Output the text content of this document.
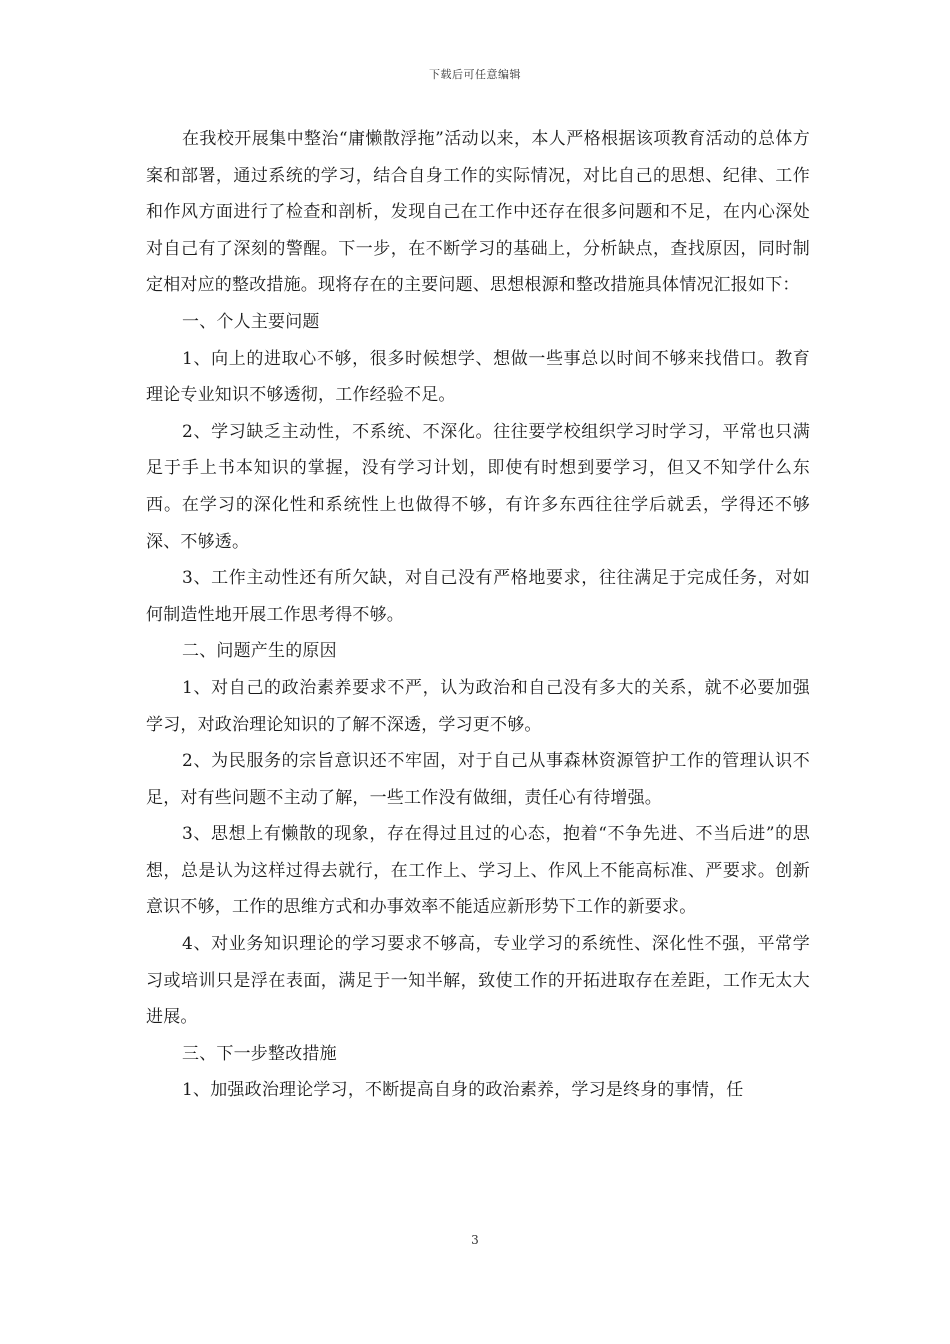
下载后可任意编辑

在我校开展集中整治“庸懒散浮拖”活动以来，本人严格根据该项教育活动的总体方案和部署，通过系统的学习，结合自身工作的实际情况，对比自己的思想、纪律、工作和作风方面进行了检查和剖析，发现自己在工作中还存在很多问题和不足，在内心深处对自己有了深刻的警醒。下一步，在不断学习的基础上，分析缺点，查找原因，同时制定相对应的整改措施。现将存在的主要问题、思想根源和整改措施具体情况汇报如下：

一、个人主要问题

1、向上的进取心不够，很多时候想学、想做一些事总以时间不够来找借口。教育理论专业知识不够透彻，工作经验不足。

2、学习缺乏主动性，不系统、不深化。往往要学校组织学习时学习，平常也只满足于手上书本知识的掌握，没有学习计划，即使有时想到要学习，但又不知学什么东西。在学习的深化性和系统性上也做得不够，有许多东西往往学后就丢，学得还不够深、不够透。

3、工作主动性还有所欠缺，对自己没有严格地要求，往往满足于完成任务，对如何制造性地开展工作思考得不够。

二、问题产生的原因

1、对自己的政治素养要求不严，认为政治和自己没有多大的关系，就不必要加强学习，对政治理论知识的了解不深透，学习更不够。

2、为民服务的宗旨意识还不牢固，对于自己从事森林资源管护工作的管理认识不足，对有些问题不主动了解，一些工作没有做细，责任心有待增强。

3、思想上有懒散的现象，存在得过且过的心态，抱着“不争先进、不当后进”的思想，总是认为这样过得去就行，在工作上、学习上、作风上不能高标准、严要求。创新意识不够，工作的思维方式和办事效率不能适应新形势下工作的新要求。

4、对业务知识理论的学习要求不够高，专业学习的系统性、深化性不强，平常学习或培训只是浮在表面，满足于一知半解，致使工作的开拓进取存在差距，工作无太大进展。

三、下一步整改措施

1、加强政治理论学习，不断提高自身的政治素养，学习是终身的事情，任

3
